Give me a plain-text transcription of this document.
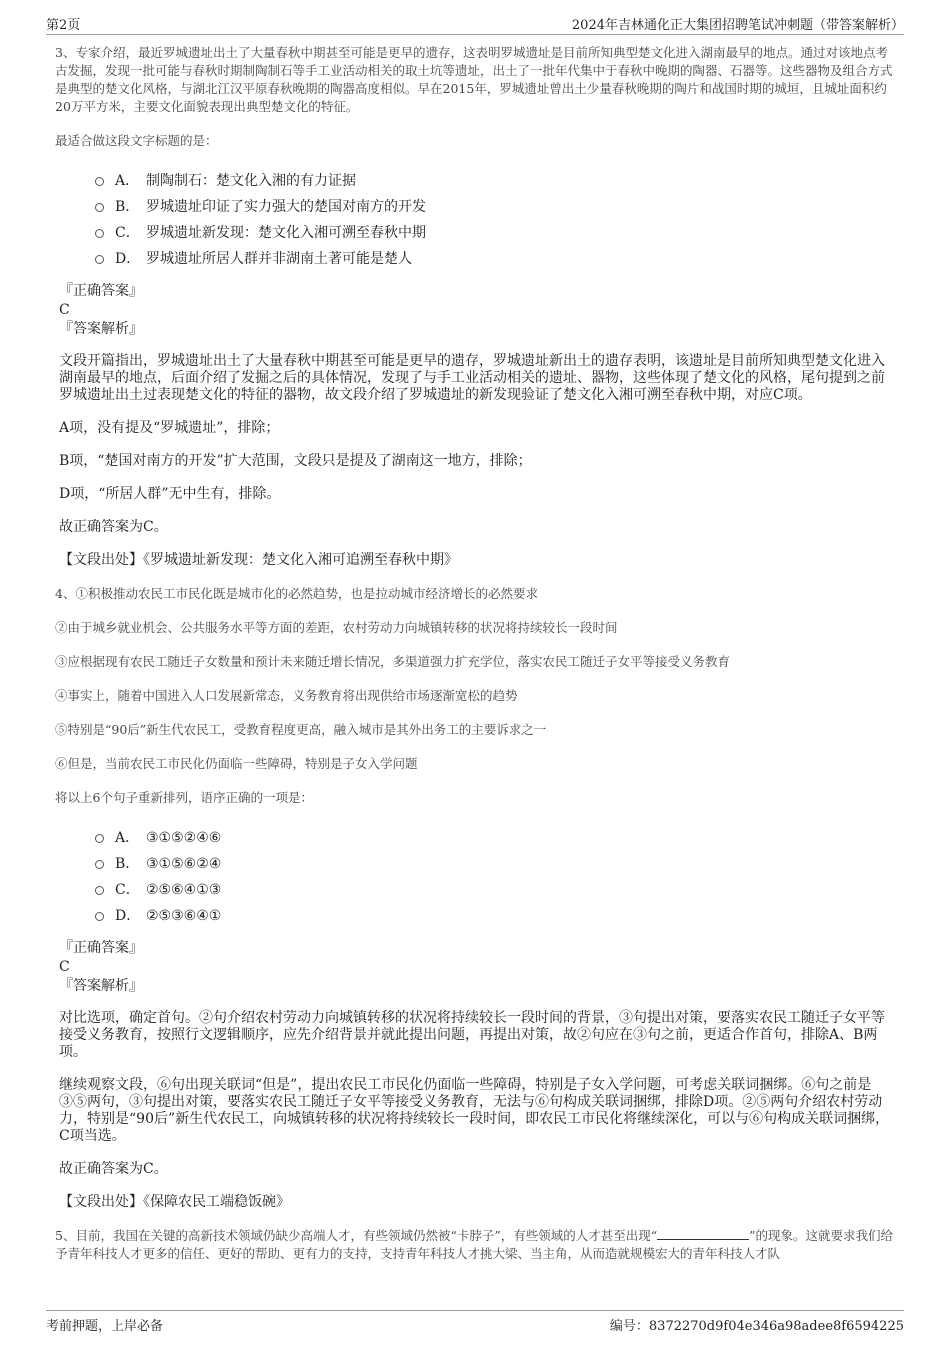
第2页	2024年吉林通化正大集团招聘笔试冲刺题（带答案解析）

3、专家介绍，最近罗城遗址出土了大量春秋中期甚至可能是更早的遗存，这表明罗城遗址是目前所知典型楚文化进入湖南最早的地点。通过对该地点考古发掘，发现一批可能与春秋时期制陶制石等手工业活动相关的取土坑等遗址，出土了一批年代集中于春秋中晚期的陶器、石器等。这些器物及组合方式是典型的楚文化风格，与湖北江汉平原春秋晚期的陶器高度相似。早在2015年，罗城遗址曾出土少量春秋晚期的陶片和战国时期的城垣，且城址面积约20万平方米，主要文化面貌表现出典型楚文化的特征。

最适合做这段文字标题的是：

A． 制陶制石：楚文化入湘的有力证据
B． 罗城遗址印证了实力强大的楚国对南方的开发
C． 罗城遗址新发现：楚文化入湘可溯至春秋中期
D． 罗城遗址所居人群并非湖南土著可能是楚人
『正确答案』
C
『答案解析』
文段开篇指出，罗城遗址出土了大量春秋中期甚至可能是更早的遗存，罗城遗址新出土的遗存表明，该遗址是目前所知典型楚文化进入湖南最早的地点，后面介绍了发掘之后的具体情况，发现了与手工业活动相关的遗址、器物，这些体现了楚文化的风格，尾句提到之前罗城遗址出土过表现楚文化的特征的器物，故文段介绍了罗城遗址的新发现验证了楚文化入湘可溯至春秋中期，对应C项。
A项，没有提及“罗城遗址”，排除；
B项，“楚国对南方的开发”扩大范围，文段只是提及了湖南这一地方，排除；
D项，“所居人群”无中生有，排除。
故正确答案为C。
【文段出处】《罗城遗址新发现：楚文化入湘可追溯至春秋中期》

4、①积极推动农民工市民化既是城市化的必然趋势，也是拉动城市经济增长的必然要求

②由于城乡就业机会、公共服务水平等方面的差距，农村劳动力向城镇转移的状况将持续较长一段时间

③应根据现有农民工随迁子女数量和预计未来随迁增长情况，多渠道强力扩充学位，落实农民工随迁子女平等接受义务教育

④事实上，随着中国进入人口发展新常态，义务教育将出现供给市场逐渐宽松的趋势

⑤特别是“90后”新生代农民工，受教育程度更高，融入城市是其外出务工的主要诉求之一

⑥但是，当前农民工市民化仍面临一些障碍，特别是子女入学问题

将以上6个句子重新排列，语序正确的一项是：

A． ③①⑤②④⑥
B． ③①⑤⑥②④
C． ②⑤⑥④①③
D． ②⑤③⑥④①
『正确答案』
C
『答案解析』
对比选项，确定首句。②句介绍农村劳动力向城镇转移的状况将持续较长一段时间的背景，③句提出对策，要落实农民工随迁子女平等接受义务教育，按照行文逻辑顺序，应先介绍背景并就此提出问题，再提出对策，故②句应在③句之前，更适合作首句，排除A、B两项。
继续观察文段，⑥句出现关联词“但是”，提出农民工市民化仍面临一些障碍，特别是子女入学问题，可考虑关联词捆绑。⑥句之前是③⑤两句，③句提出对策，要落实农民工随迁子女平等接受义务教育，无法与⑥句构成关联词捆绑，排除D项。②⑤两句介绍农村劳动力，特别是“90后”新生代农民工，向城镇转移的状况将持续较长一段时间，即农民工市民化将继续深化，可以与⑥句构成关联词捆绑，C项当选。
故正确答案为C。
【文段出处】《保障农民工端稳饭碗》

5、目前，我国在关键的高新技术领域仍缺少高端人才，有些领域仍然被“卡脖子”，有些领域的人才甚至出现“	”的现象。这就要求我们给予青年科技人才更多的信任、更好的帮助、更有力的支持，支持青年科技人才挑大梁、当主角，从而造就规模宏大的青年科技人才队

考前押题，上岸必备	编号：8372270d9f04e346a98adee8f6594225
